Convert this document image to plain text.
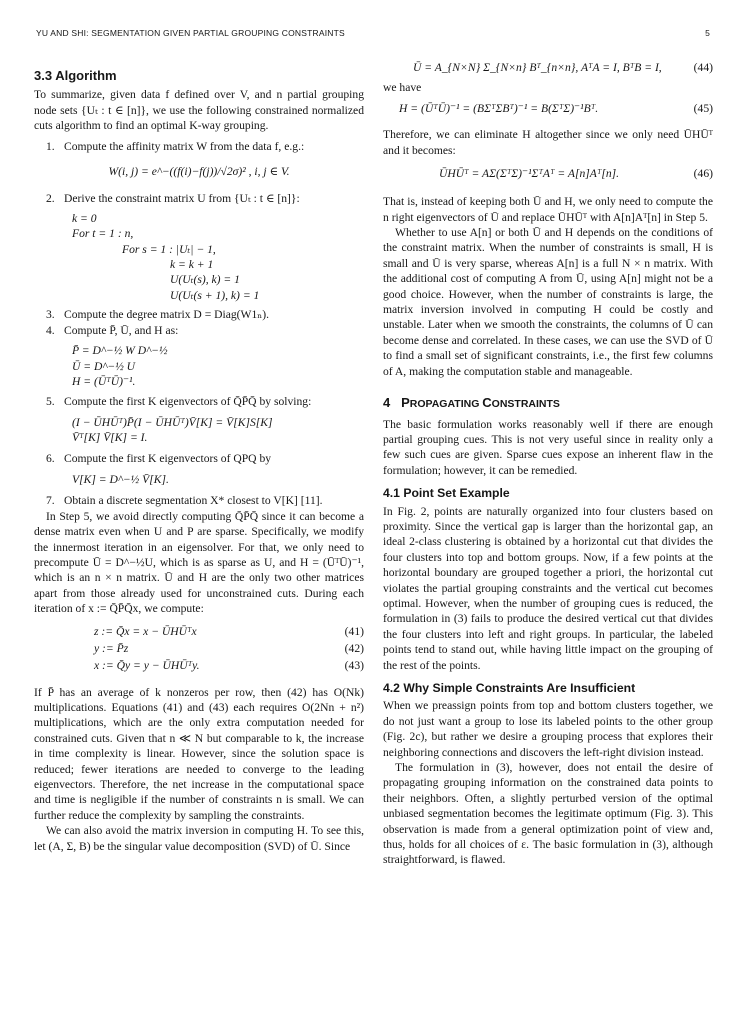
YU AND SHI: SEGMENTATION GIVEN PARTIAL GROUPING CONSTRAINTS	5
3.3 Algorithm

To summarize, given data f defined over V, and n partial grouping node sets {Uₜ : t ∈ [n]}, we use the following constrained normalized cuts algorithm to find an optimal K-way grouping.

1. Compute the affinity matrix W from the data f, e.g.:
W(i, j) = e^−((f(i)−f(j))/√2σ)² , i, j ∈ V.
2. Derive the constraint matrix U from {Uₜ : t ∈ [n]}:
k = 0
For t = 1 : n,
For s = 1 : |Uₜ| − 1,
k = k + 1
U(Uₜ(s), k) = 1
U(Uₜ(s + 1), k) = 1
3. Compute the degree matrix D = Diag(W1ₙ).
4. Compute P̄, Ū, and H as:
P̄ = D^−½ W D^−½
Ū = D^−½ U
H = (ŪᵀŪ)⁻¹.
5. Compute the first K eigenvectors of Q̄P̄Q̄ by solving:
(I − ŪHŪᵀ)P̄(I − ŪHŪᵀ)V̄[K] = V̄[K]S[K]
V̄ᵀ[K] V̄[K] = I.
6. Compute the first K eigenvectors of QPQ by
V[K] = D^−½ V̄[K].
7. Obtain a discrete segmentation X* closest to V[K] [11].

In Step 5, we avoid directly computing Q̄P̄Q̄ since it can become a dense matrix even when U and P are sparse. Specifically, we modify the innermost iteration in an eigensolver. For that, we only need to precompute Ū = D^−½U, which is as sparse as U, and H = (ŪᵀŪ)⁻¹, which is an n × n matrix. Ū and H are the only two other matrices apart from those already used for unconstrained cuts. During each iteration of x := Q̄P̄Q̄x, we compute:

z := Q̄x = x − ŪHŪᵀx	(41)
y := P̄z	(42)
x := Q̄y = y − ŪHŪᵀy.	(43)

If P̄ has an average of k nonzeros per row, then (42) has O(Nk) multiplications. Equations (41) and (43) each requires O(2Nn + n²) multiplications, which are the only extra computation needed for constrained cuts. Given that n ≪ N but comparable to k, the increase in time complexity is linear. However, since the solution space is reduced; fewer iterations are needed to converge to the leading eigenvectors. Therefore, the net increase in the computational space and time is negligible if the number of constraints n is small. We can further reduce the complexity by sampling the constraints.

We can also avoid the matrix inversion in computing H. To see this, let (A, Σ, B) be the singular value decomposition (SVD) of Ū. Since

Ū = A_{N×N} Σ_{N×n} Bᵀ_{n×n}, AᵀA = I, BᵀB = I,	(44)

we have

H = (ŪᵀŪ)⁻¹ = (BΣᵀΣBᵀ)⁻¹ = B(ΣᵀΣ)⁻¹Bᵀ.	(45)

Therefore, we can eliminate H altogether since we only need ŪHŪᵀ and it becomes:

ŪHŪᵀ = AΣ(ΣᵀΣ)⁻¹ΣᵀAᵀ = A[n]Aᵀ[n].	(46)

That is, instead of keeping both Ū and H, we only need to compute the n right eigenvectors of Ū and replace ŪHŪᵀ with A[n]Aᵀ[n] in Step 5.

Whether to use A[n] or both Ū and H depends on the conditions of the constraint matrix. When the number of constraints is small, H is small and Ū is very sparse, whereas A[n] is a full N × n matrix. With the additional cost of computing A from Ū, using A[n] might not be a good choice. However, when the number of constraints is large, the matrix inversion involved in computing H could be costly and unstable. Later when we smooth the constraints, the columns of Ū can become dense and correlated. In these cases, we can use the SVD of Ū to find a small set of significant constraints, i.e., the first few columns of A, making the computation stable and manageable.

4 PROPAGATING CONSTRAINTS

The basic formulation works reasonably well if there are enough partial grouping cues. This is not very useful since in reality only a few such cues are given. Sparse cues expose an inherent flaw in the formulation; however, it can be remedied.

4.1 Point Set Example

In Fig. 2, points are naturally organized into four clusters based on proximity. Since the vertical gap is larger than the horizontal gap, an ideal 2-class clustering is obtained by a horizontal cut that divides the four clusters into top and bottom groups. Now, if a few points at the horizontal boundary are grouped together a priori, the horizontal cut violates the partial grouping constraints and the vertical cut becomes optimal. However, when the number of grouping cues is reduced, the formulation in (3) fails to produce the desired vertical cut that divides the four clusters into left and right groups. In particular, the labeled points tend to stand out, while having little impact on the grouping of the rest of the points.

4.2 Why Simple Constraints Are Insufficient

When we preassign points from top and bottom clusters together, we do not just want a group to lose its labeled points to the other group (Fig. 2c), but rather we desire a grouping process that explores their neighboring connections and discovers the left-right division instead.

The formulation in (3), however, does not entail the desire of propagating grouping information on the constrained data points to their neighbors. Often, a slightly perturbed version of the optimal unbiased segmentation becomes the legitimate optimum (Fig. 3). This observation is made from a general optimization point of view and, thus, holds for all choices of ε. The basic formulation in (3), although straightforward, is flawed.
